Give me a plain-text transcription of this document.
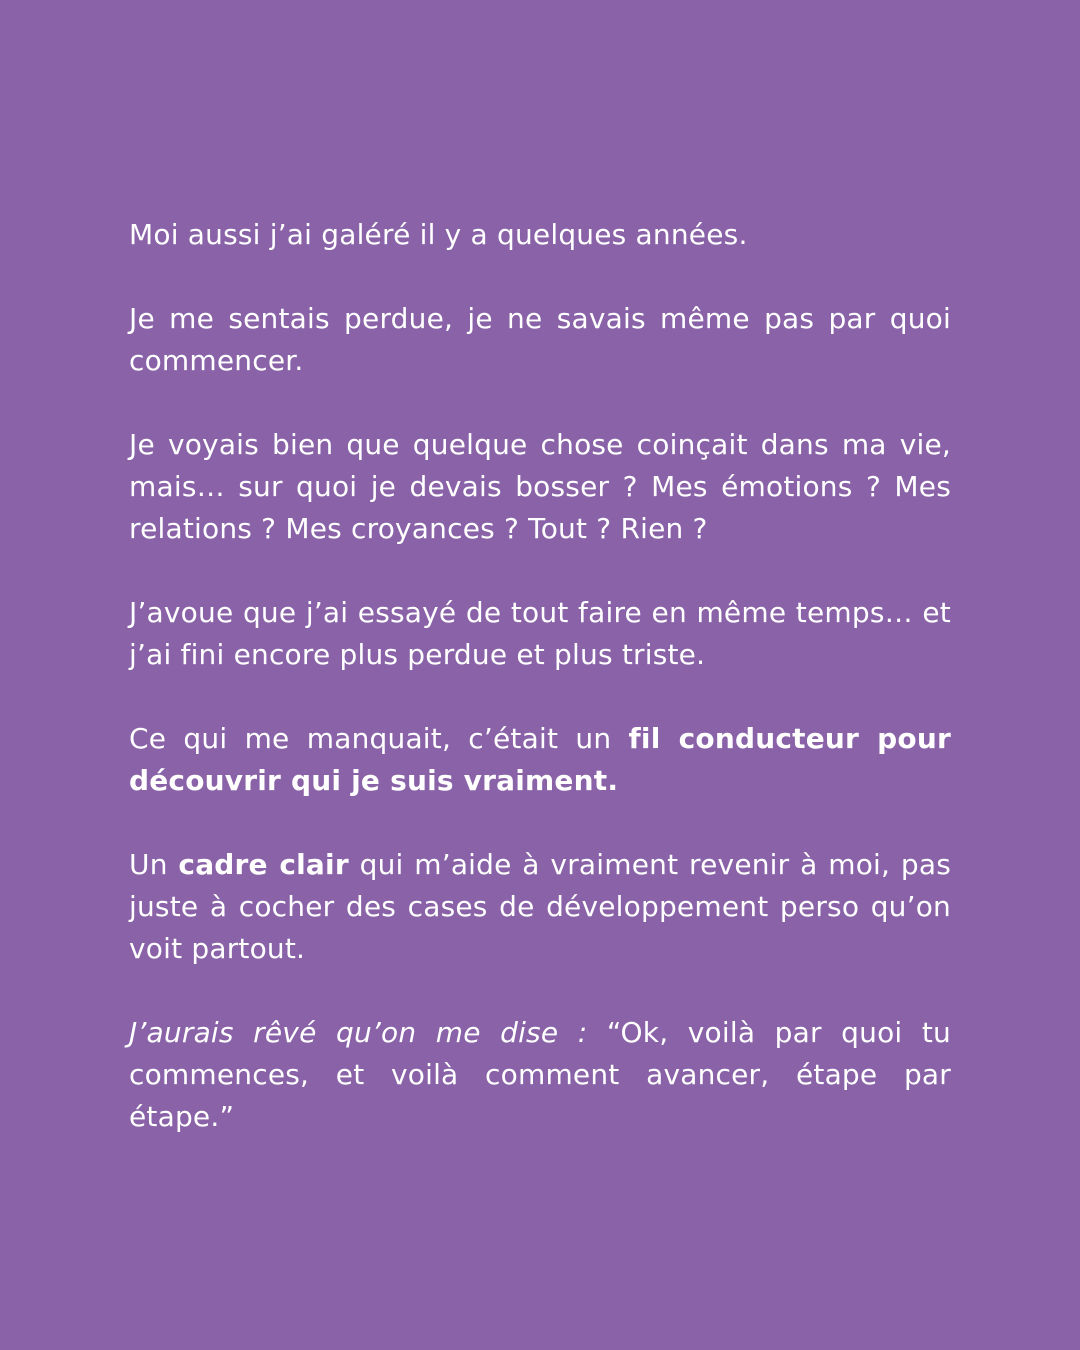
Moi aussi j’ai galéré il y a quelques années.

Je me sentais perdue, je ne savais même pas par quoi commencer.

Je voyais bien que quelque chose coinçait dans ma vie, mais… sur quoi je devais bosser ? Mes émotions ? Mes relations ? Mes croyances ? Tout ? Rien ?

J’avoue que j’ai essayé de tout faire en même temps… et j’ai fini encore plus perdue et plus triste.

Ce qui me manquait, c’était un fil conducteur pour découvrir qui je suis vraiment.

Un cadre clair qui m’aide à vraiment revenir à moi, pas juste à cocher des cases de développement perso qu’on voit partout.

J’aurais rêvé qu’on me dise : “Ok, voilà par quoi tu commences, et voilà comment avancer, étape par étape.”
